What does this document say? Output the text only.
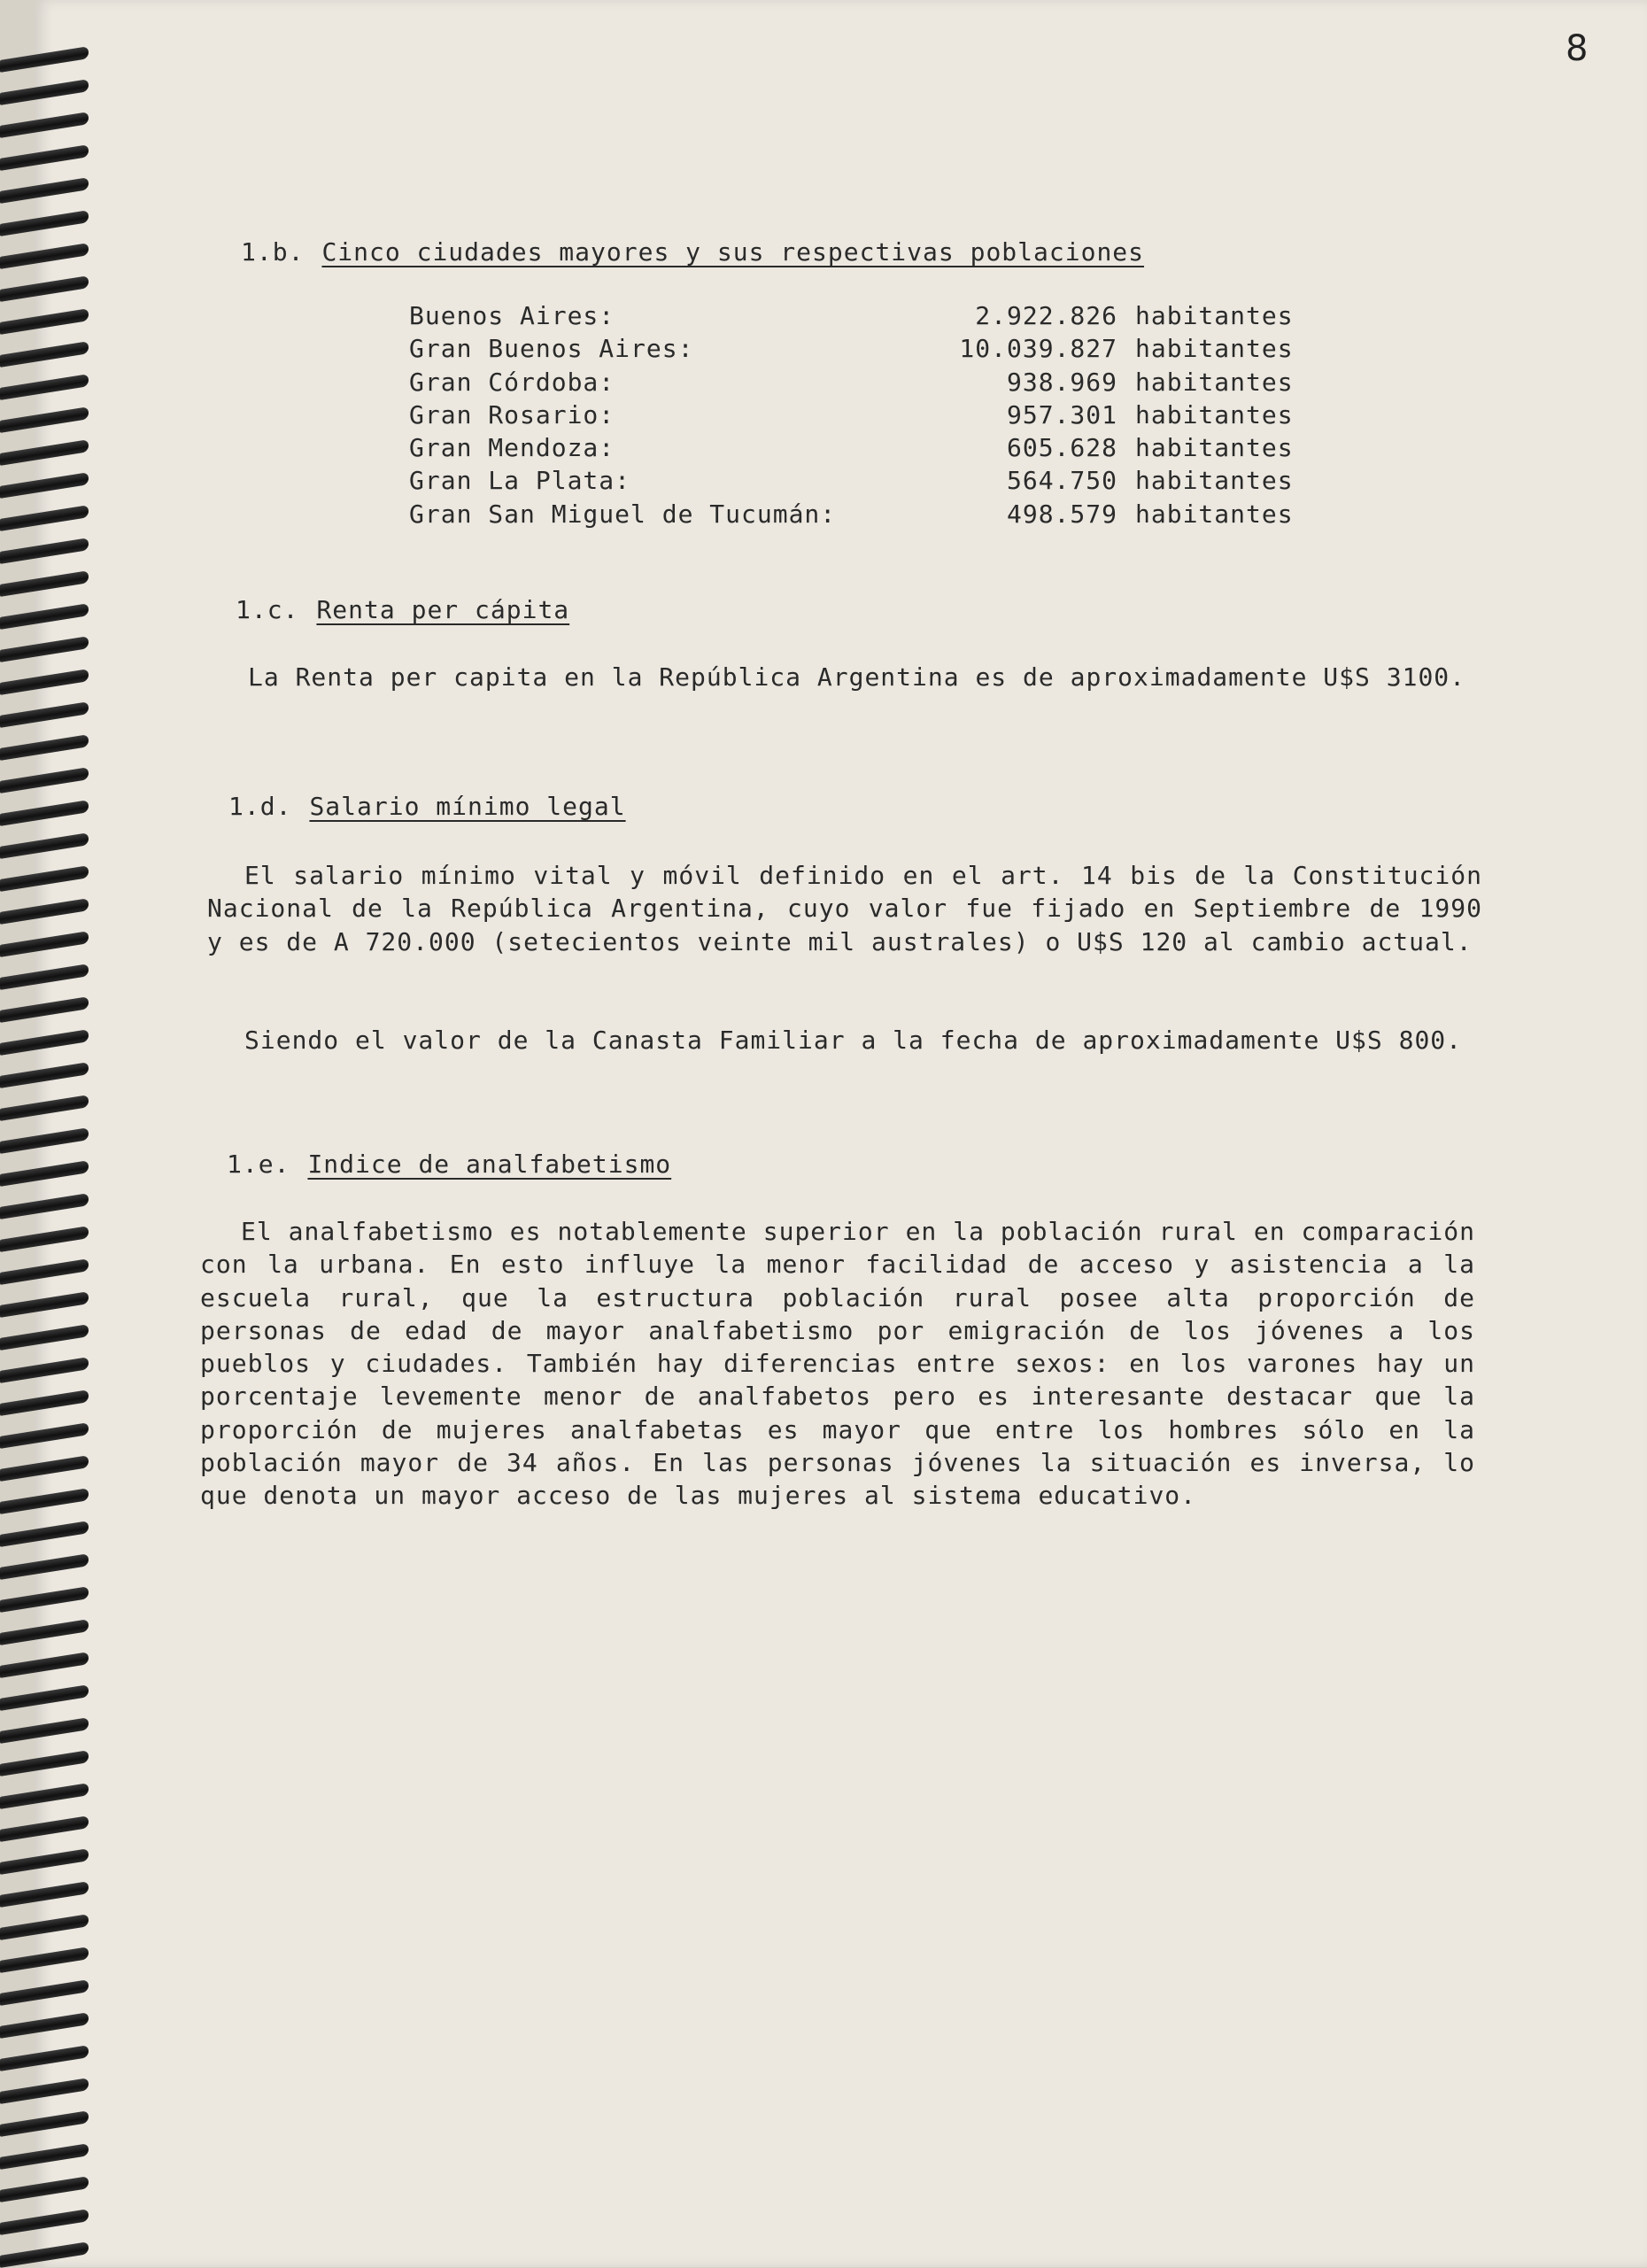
8
1.b. Cinco ciudades mayores y sus respectivas poblaciones
Buenos Aires:	2.922.826 habitantes
Gran Buenos Aires:	10.039.827 habitantes
Gran Córdoba:	938.969 habitantes
Gran Rosario:	957.301 habitantes
Gran Mendoza:	605.628 habitantes
Gran La Plata:	564.750 habitantes
Gran San Miguel de Tucumán:	498.579 habitantes
1.c. Renta per cápita
La Renta per capita en la República Argentina es de aproximadamente U$S 3100.
1.d. Salario mínimo legal
El salario mínimo vital y móvil definido en el art. 14 bis de la Constitución Nacional de la República Argentina, cuyo valor fue fijado en Septiembre de 1990 y es de A 720.000 (setecientos veinte mil australes) o U$S 120 al cambio actual.
Siendo el valor de la Canasta Familiar a la fecha de aproximadamente U$S 800.
1.e. Indice de analfabetismo
El analfabetismo es notablemente superior en la población rural en comparación con la urbana. En esto influye la menor facilidad de acceso y asistencia a la escuela rural, que la estructura población rural posee alta proporción de personas de edad de mayor analfabetismo por emigración de los jóvenes a los pueblos y ciudades. También hay diferencias entre sexos: en los varones hay un porcentaje levemente menor de analfabetos pero es interesante destacar que la proporción de mujeres analfabetas es mayor que entre los hombres sólo en la población mayor de 34 años. En las personas jóvenes la situación es inversa, lo que denota un mayor acceso de las mujeres al sistema educativo.
